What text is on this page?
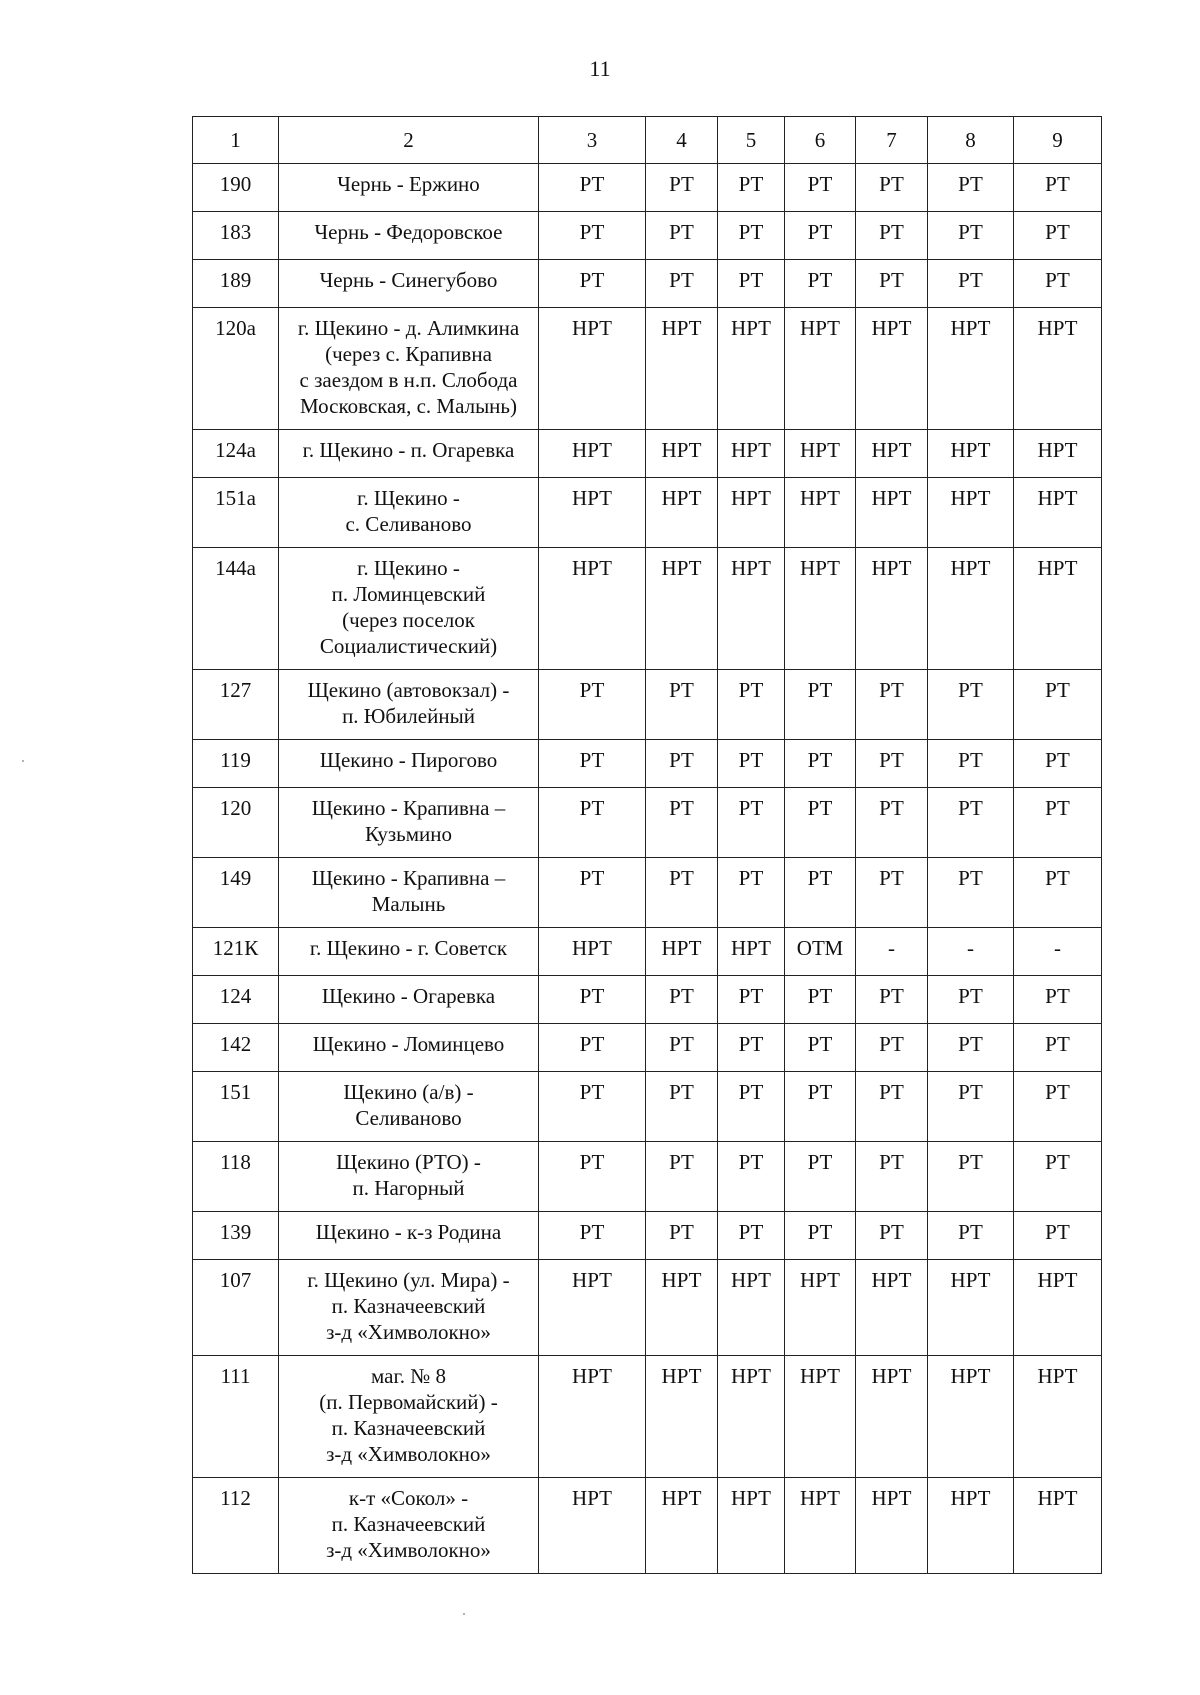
11
1	2	3	4	5	6	7	8	9
190	Чернь - Ержино	РТ	РТ	РТ	РТ	РТ	РТ	РТ
183	Чернь - Федоровское	РТ	РТ	РТ	РТ	РТ	РТ	РТ
189	Чернь - Синегубово	РТ	РТ	РТ	РТ	РТ	РТ	РТ
120а	г. Щекино - д. Алимкина
(через с. Крапивна
с заездом в н.п. Слобода
Московская, с. Малынь)	НРТ	НРТ	НРТ	НРТ	НРТ	НРТ	НРТ
124а	г. Щекино - п. Огаревка	НРТ	НРТ	НРТ	НРТ	НРТ	НРТ	НРТ
151а	г. Щекино -
с. Селиваново	НРТ	НРТ	НРТ	НРТ	НРТ	НРТ	НРТ
144а	г. Щекино -
п. Ломинцевский
(через поселок
Социалистический)	НРТ	НРТ	НРТ	НРТ	НРТ	НРТ	НРТ
127	Щекино (автовокзал) -
п. Юбилейный	РТ	РТ	РТ	РТ	РТ	РТ	РТ
119	Щекино - Пирогово	РТ	РТ	РТ	РТ	РТ	РТ	РТ
120	Щекино - Крапивна –
Кузьмино	РТ	РТ	РТ	РТ	РТ	РТ	РТ
149	Щекино - Крапивна –
Малынь	РТ	РТ	РТ	РТ	РТ	РТ	РТ
121К	г. Щекино - г. Советск	НРТ	НРТ	НРТ	ОТМ	-	-	-
124	Щекино - Огаревка	РТ	РТ	РТ	РТ	РТ	РТ	РТ
142	Щекино - Ломинцево	РТ	РТ	РТ	РТ	РТ	РТ	РТ
151	Щекино (а/в) -
Селиваново	РТ	РТ	РТ	РТ	РТ	РТ	РТ
118	Щекино (РТО) -
п. Нагорный	РТ	РТ	РТ	РТ	РТ	РТ	РТ
139	Щекино - к-з Родина	РТ	РТ	РТ	РТ	РТ	РТ	РТ
107	г. Щекино (ул. Мира) -
п. Казначеевский
з-д «Химволокно»	НРТ	НРТ	НРТ	НРТ	НРТ	НРТ	НРТ
111	маг. № 8
(п. Первомайский) -
п. Казначеевский
з-д «Химволокно»	НРТ	НРТ	НРТ	НРТ	НРТ	НРТ	НРТ
112	к-т «Сокол» -
п. Казначеевский
з-д «Химволокно»	НРТ	НРТ	НРТ	НРТ	НРТ	НРТ	НРТ
